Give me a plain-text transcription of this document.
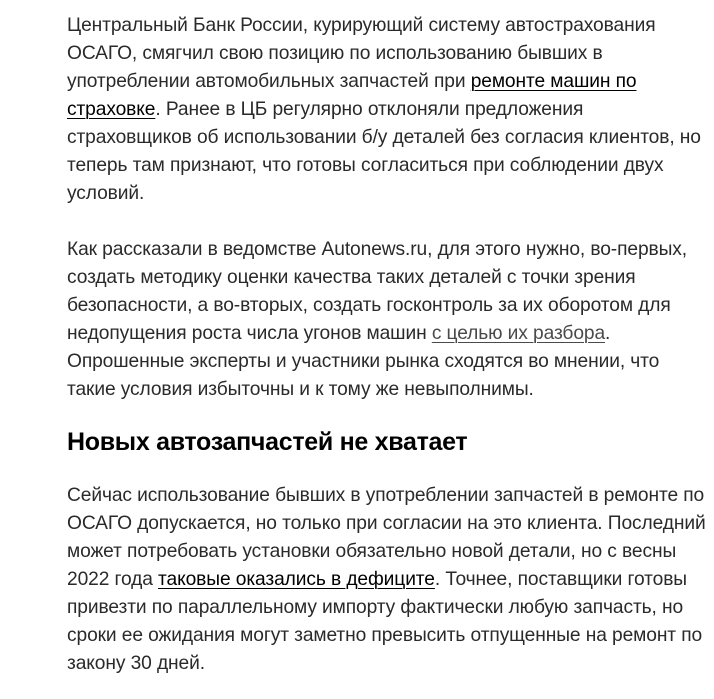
Центральный Банк России, курирующий систему автострахования ОСАГО, смягчил свою позицию по использованию бывших в употреблении автомобильных запчастей при ремонте машин по страховке. Ранее в ЦБ регулярно отклоняли предложения страховщиков об использовании б/у деталей без согласия клиентов, но теперь там признают, что готовы согласиться при соблюдении двух условий.

Как рассказали в ведомстве Autonews.ru, для этого нужно, во-первых, создать методику оценки качества таких деталей с точки зрения безопасности, а во-вторых, создать госконтроль за их оборотом для недопущения роста числа угонов машин с целью их разбора. Опрошенные эксперты и участники рынка сходятся во мнении, что такие условия избыточны и к тому же невыполнимы.

Новых автозапчастей не хватает

Сейчас использование бывших в употреблении запчастей в ремонте по ОСАГО допускается, но только при согласии на это клиента. Последний может потребовать установки обязательно новой детали, но с весны 2022 года таковые оказались в дефиците. Точнее, поставщики готовы привезти по параллельному импорту фактически любую запчасть, но сроки ее ожидания могут заметно превысить отпущенные на ремонт по закону 30 дней.
